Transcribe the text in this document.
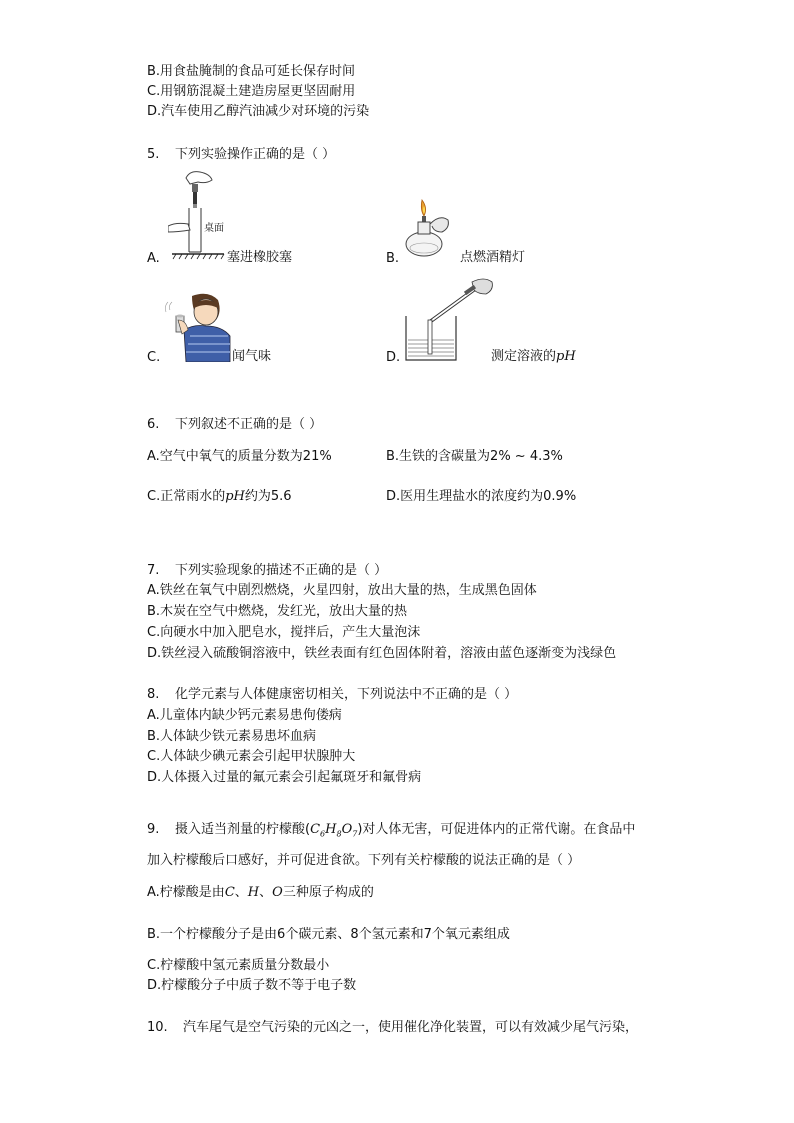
B.用食盐腌制的食品可延长保存时间
C.用钢筋混凝土建造房屋更坚固耐用
D.汽车使用乙醇汽油减少对环境的污染
5. 下列实验操作正确的是（ ）
桌面
A.	塞进橡胶塞	B.	点燃酒精灯
C.	闻气味	D.	测定溶液的pH
6. 下列叙述不正确的是（ ）
A.空气中氧气的质量分数为21%	B.生铁的含碳量为2% ~ 4.3%
C.正常雨水的pH约为5.6	D.医用生理盐水的浓度约为0.9%
7. 下列实验现象的描述不正确的是（ ）
A.铁丝在氧气中剧烈燃烧，火星四射，放出大量的热，生成黑色固体
B.木炭在空气中燃烧，发红光，放出大量的热
C.向硬水中加入肥皂水，搅拌后，产生大量泡沫
D.铁丝浸入硫酸铜溶液中，铁丝表面有红色固体附着，溶液由蓝色逐渐变为浅绿色
8. 化学元素与人体健康密切相关，下列说法中不正确的是（ ）
A.儿童体内缺少钙元素易患佝偻病
B.人体缺少铁元素易患坏血病
C.人体缺少碘元素会引起甲状腺肿大
D.人体摄入过量的氟元素会引起氟斑牙和氟骨病
9. 摄入适当剂量的柠檬酸$(C_6H_8O_7)$对人体无害，可促进体内的正常代谢。在食品中
加入柠檬酸后口感好，并可促进食欲。下列有关柠檬酸的说法正确的是（ ）
A.柠檬酸是由C、H、O三种原子构成的
B.一个柠檬酸分子是由6个碳元素、8个氢元素和7个氧元素组成
C.柠檬酸中氢元素质量分数最小
D.柠檬酸分子中质子数不等于电子数
10. 汽车尾气是空气污染的元凶之一，使用催化净化装置，可以有效减少尾气污染，
